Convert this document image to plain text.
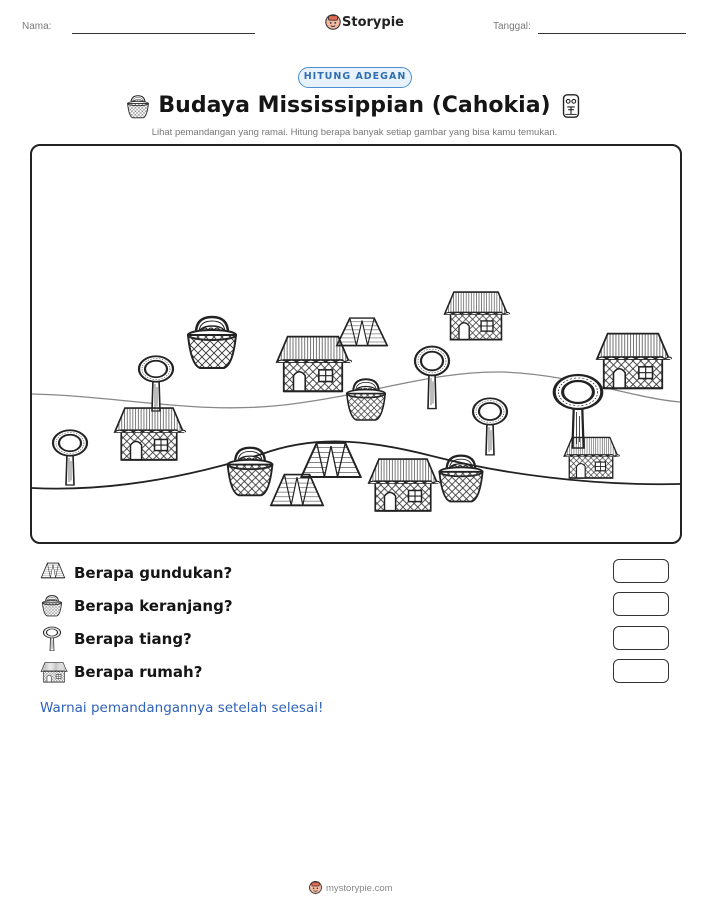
Nama:	Storypie	Tanggal:
HITUNG ADEGAN
Budaya Mississippian (Cahokia)
Lihat pemandangan yang ramai. Hitung berapa banyak setiap gambar yang bisa kamu temukan.
Berapa gundukan?
Berapa keranjang?
Berapa tiang?
Berapa rumah?
Warnai pemandangannya setelah selesai!
mystorypie.com
